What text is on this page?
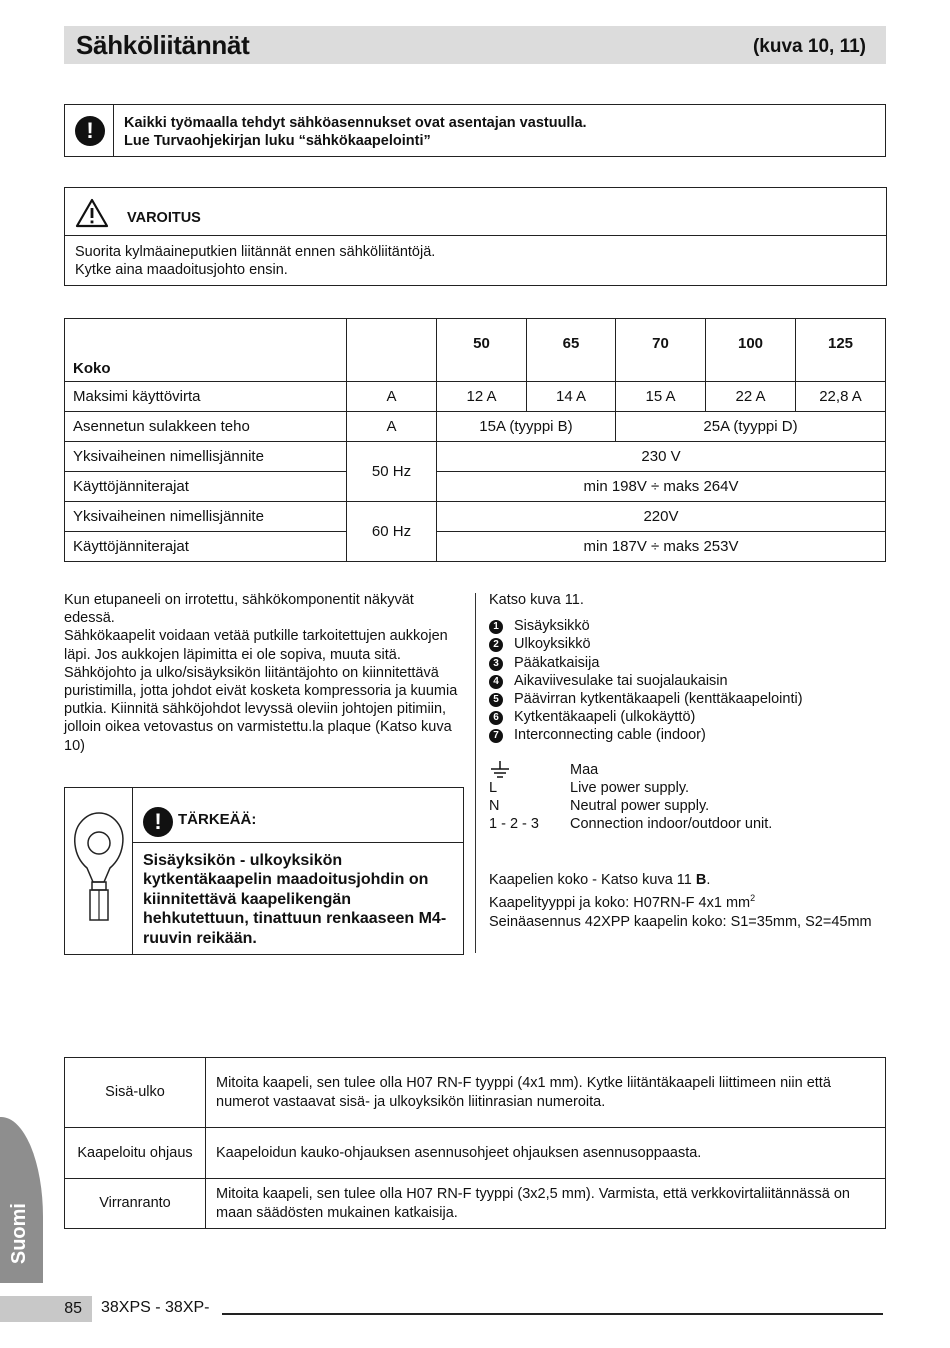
Sähköliitännät	(kuva 10, 11)
!	Kaikki työmaalla tehdyt sähköasennukset ovat asentajan vastuulla.
Lue Turvaohjekirjan luku “sähkökaapelointi”
VAROITUS
Suorita kylmäaineputkien liitännät ennen sähköliitäntöjä.
Kytke aina maadoitusjohto ensin.
Koko		50	65	70	100	125
Maksimi käyttövirta	A	12 A	14 A	15 A	22 A	22,8 A
Asennetun sulakkeen teho	A	15A (tyyppi B)		25A (tyyppi D)		
Yksivaiheinen nimellisjännite	50 Hz	230 V				
Käyttöjänniterajat		min 198V ÷ maks 264V				
Yksivaiheinen nimellisjännite	60 Hz	220V				
Käyttöjänniterajat		min 187V ÷ maks 253V				

Kun etupaneeli on irrotettu, sähkökomponentit näkyvät edessä.

Sähkökaapelit voidaan vetää putkille tarkoitettujen aukkojen läpi. Jos aukkojen läpimitta ei ole sopiva, muuta sitä.

Sähköjohto ja ulko/sisäyksikön liitäntäjohto on kiinnitettävä puristimilla, jotta johdot eivät kosketa kompressoria ja kuumia putkia. Kiinnitä sähköjohdot levyssä oleviin johtojen pitimiin, jolloin oikea vetovastus on varmistettu.la plaque (Katso kuva 10)

!	TÄRKEÄÄ:
Sisäyksikön - ulkoyksikön kytkentäkaapelin maadoitusjohdin on kiinnitettävä kaapelikengän hehkutettuun, tinattuun renkaaseen M4-ruuvin reikään.
Katso kuva 11.
1 Sisäyksikkö
2 Ulkoyksikkö
3 Pääkatkaisija
4 Aikaviivesulake tai suojalaukaisin
5 Päävirran kytkentäkaapeli (kenttäkaapelointi)
6 Kytkentäkaapeli (ulkokäyttö)
7 Interconnecting cable (indoor)
Maa
L	Live power supply.
N	Neutral power supply.
1 - 2 - 3	Connection indoor/outdoor unit.

Kaapelien koko - Katso kuva 11 B.

Kaapelityyppi ja koko: H07RN-F 4x1 $mm^2$

Seinäasennus 42XPP kaapelin koko: S1=35mm, S2=45mm

Sisä-ulko	Mitoita kaapeli, sen tulee olla H07 RN-F tyyppi (4x1 mm). Kytke liitäntäkaapeli liittimeen niin että numerot vastaavat sisä- ja ulkoyksikön liitinrasian numeroita.
Kaapeloitu ohjaus	Kaapeloidun kauko-ohjauksen asennusohjeet ohjauksen asennusoppaasta.
Virranranto	Mitoita kaapeli, sen tulee olla H07 RN-F tyyppi (3x2,5 mm). Varmista, että verkkovirtaliitännässä on maan säädösten mukainen katkaisija.
Suomi
85 38XPS - 38XP-
